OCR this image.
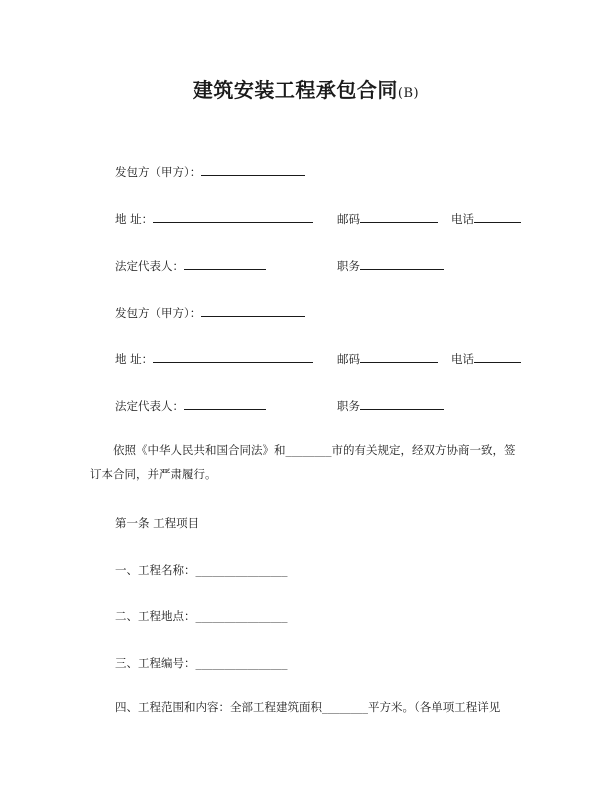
建筑安装工程承包合同(B)
发包方（甲方）：
地 址：	邮码	电话
法定代表人：	职务
发包方（甲方）：
地 址：	邮码	电话
法定代表人：	职务
依照《中华人民共和国合同法》和________市的有关规定，经双方协商一致，签订本合同，并严肃履行。
第一条 工程项目
一、工程名称：________________
二、工程地点：________________
三、工程编号：________________
四、工程范围和内容：全部工程建筑面积________平方米。（各单项工程详见
